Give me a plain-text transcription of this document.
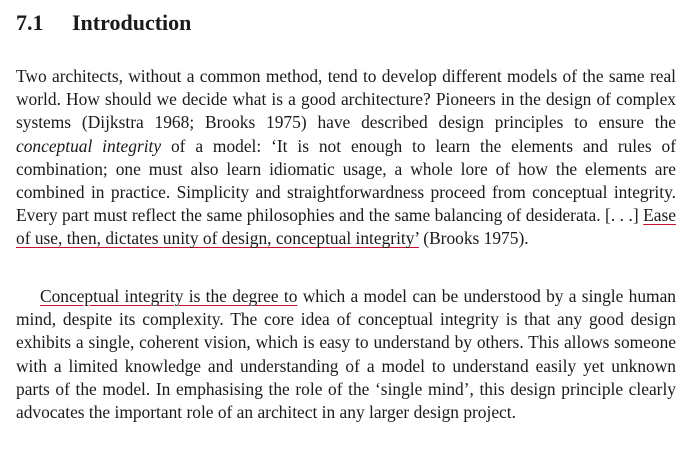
7.1 Introduction

Two architects, without a common method, tend to develop different models of the same real world. How should we decide what is a good architecture? Pioneers in the design of complex systems (Dijkstra 1968; Brooks 1975) have described design principles to ensure the conceptual integrity of a model: ‘It is not enough to learn the elements and rules of combination; one must also learn idiomatic usage, a whole lore of how the elements are combined in practice. Simplicity and straightforwardness proceed from conceptual integrity. Every part must reflect the same philosophies and the same balancing of desiderata. [. . .] Ease of use, then, dictates unity of design, conceptual integrity’ (Brooks 1975).

Conceptual integrity is the degree to which a model can be understood by a single human mind, despite its complexity. The core idea of conceptual integrity is that any good design exhibits a single, coherent vision, which is easy to understand by others. This allows someone with a limited knowledge and understanding of a model to understand easily yet unknown parts of the model. In emphasising the role of the ‘single mind’, this design principle clearly advocates the important role of an architect in any larger design project.
